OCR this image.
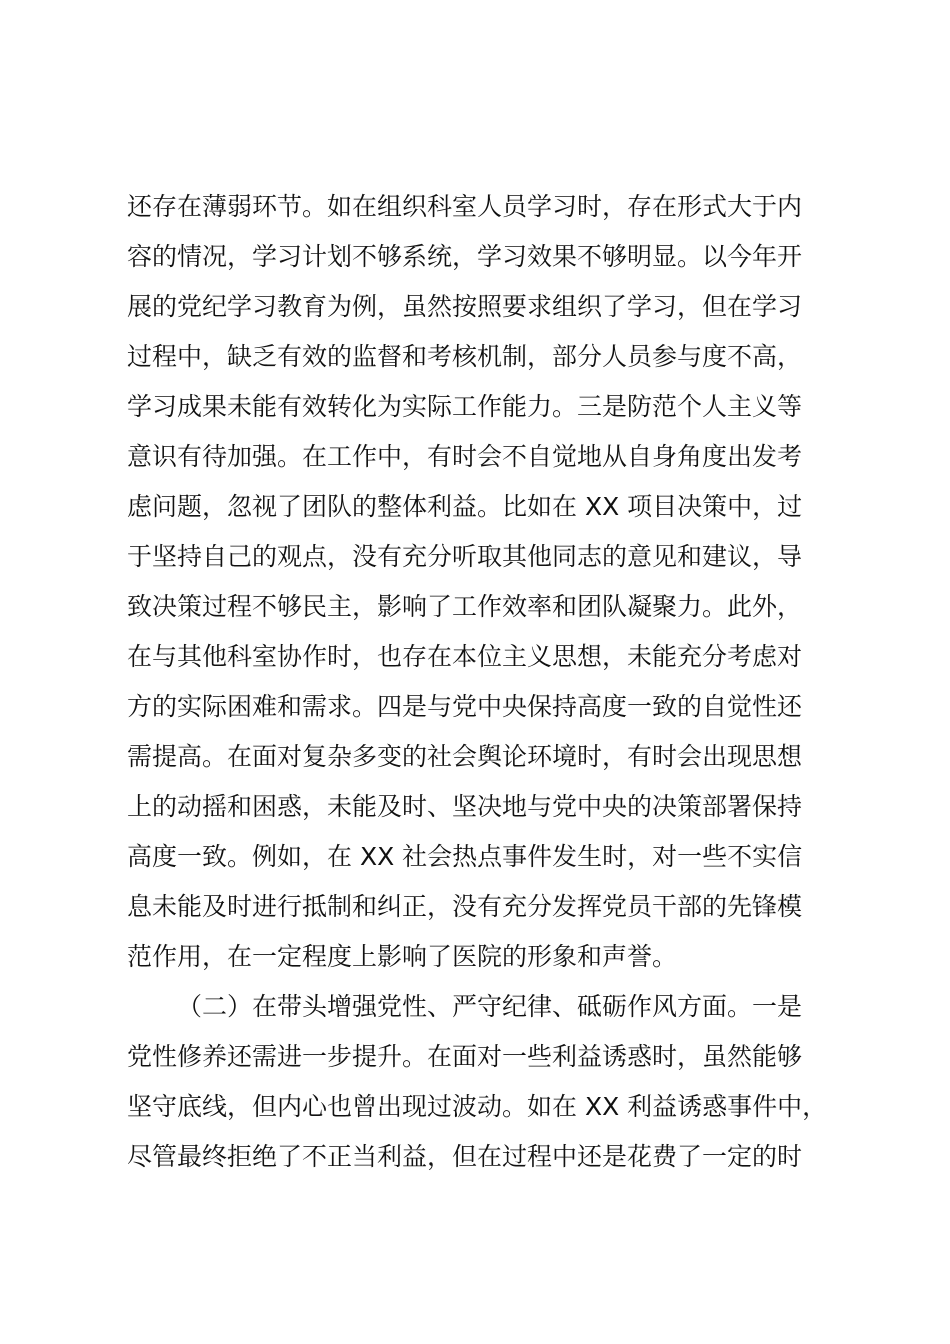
还存在薄弱环节。如在组织科室人员学习时，存在形式大于内
容的情况，学习计划不够系统，学习效果不够明显。以今年开
展的党纪学习教育为例，虽然按照要求组织了学习，但在学习
过程中，缺乏有效的监督和考核机制，部分人员参与度不高，
学习成果未能有效转化为实际工作能力。三是防范个人主义等
意识有待加强。在工作中，有时会不自觉地从自身角度出发考
虑问题，忽视了团队的整体利益。比如在 XX 项目决策中，过
于坚持自己的观点，没有充分听取其他同志的意见和建议，导
致决策过程不够民主，影响了工作效率和团队凝聚力。此外，
在与其他科室协作时，也存在本位主义思想，未能充分考虑对
方的实际困难和需求。四是与党中央保持高度一致的自觉性还
需提高。在面对复杂多变的社会舆论环境时，有时会出现思想
上的动摇和困惑，未能及时、坚决地与党中央的决策部署保持
高度一致。例如，在 XX 社会热点事件发生时，对一些不实信
息未能及时进行抵制和纠正，没有充分发挥党员干部的先锋模
范作用，在一定程度上影响了医院的形象和声誉。
（二）在带头增强党性、严守纪律、砥砺作风方面。一是
党性修养还需进一步提升。在面对一些利益诱惑时，虽然能够
坚守底线，但内心也曾出现过波动。如在 XX 利益诱惑事件中，
尽管最终拒绝了不正当利益，但在过程中还是花费了一定的时
